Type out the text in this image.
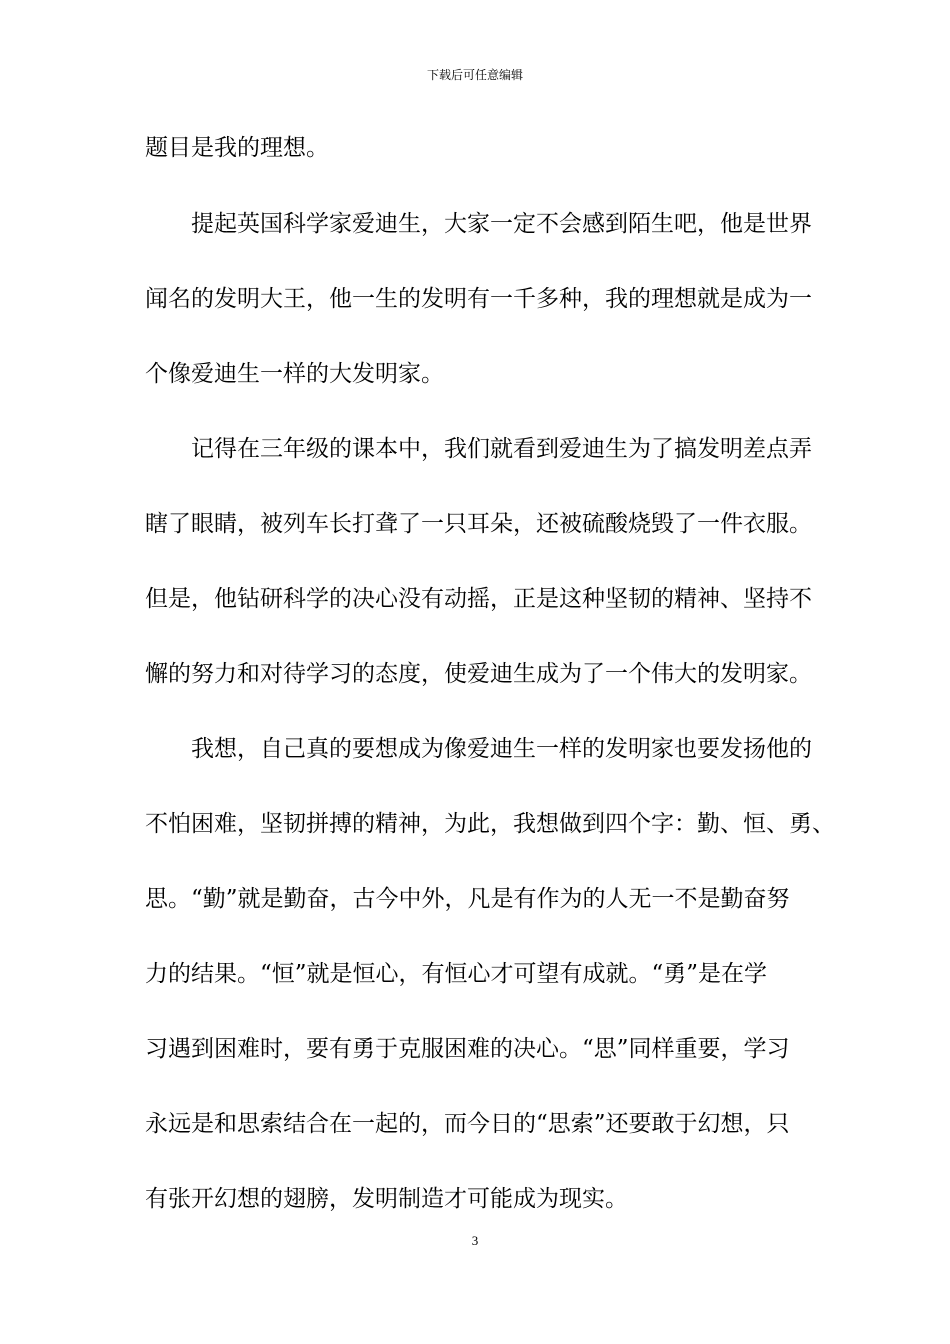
下载后可任意编辑
题目是我的理想。
　　提起英国科学家爱迪生，大家一定不会感到陌生吧，他是世界
闻名的发明大王，他一生的发明有一千多种，我的理想就是成为一
个像爱迪生一样的大发明家。
　　记得在三年级的课本中，我们就看到爱迪生为了搞发明差点弄
瞎了眼睛，被列车长打聋了一只耳朵，还被硫酸烧毁了一件衣服。
但是，他钻研科学的决心没有动摇，正是这种坚韧的精神、坚持不
懈的努力和对待学习的态度，使爱迪生成为了一个伟大的发明家。
　　我想，自己真的要想成为像爱迪生一样的发明家也要发扬他的
不怕困难，坚韧拼搏的精神，为此，我想做到四个字：勤、恒、勇、
思。“勤”就是勤奋，古今中外，凡是有作为的人无一不是勤奋努
力的结果。“恒”就是恒心，有恒心才可望有成就。“勇”是在学
习遇到困难时，要有勇于克服困难的决心。“思”同样重要，学习
永远是和思索结合在一起的，而今日的“思索”还要敢于幻想，只
有张开幻想的翅膀，发明制造才可能成为现实。
3
